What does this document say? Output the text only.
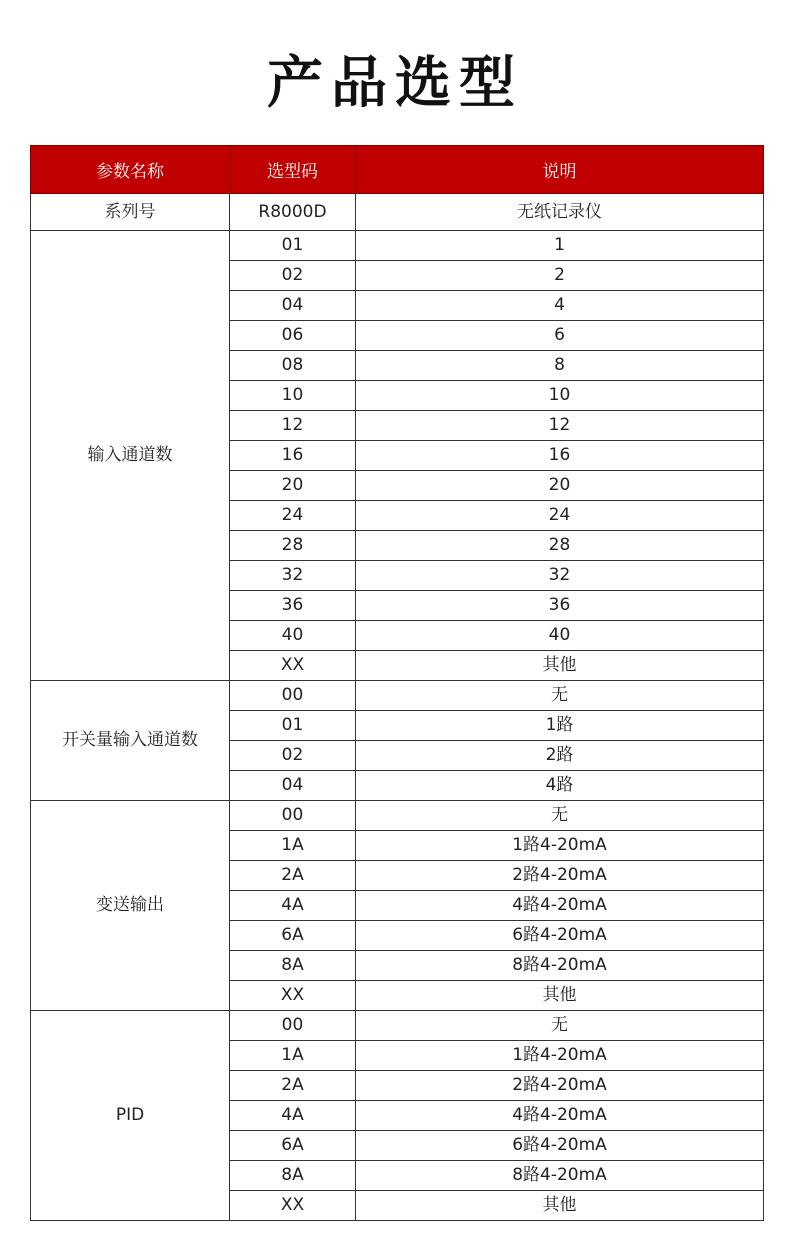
产品选型
参数名称	选型码	说明
系列号	R8000D	无纸记录仪
输入通道数	01	1
	02	2
	04	4
	06	6
	08	8
	10	10
	12	12
	16	16
	20	20
	24	24
	28	28
	32	32
	36	36
	40	40
	XX	其他
开关量输入通道数	00	无
	01	1路
	02	2路
	04	4路
变送输出	00	无
	1A	1路4-20mA
	2A	2路4-20mA
	4A	4路4-20mA
	6A	6路4-20mA
	8A	8路4-20mA
	XX	其他
PID	00	无
	1A	1路4-20mA
	2A	2路4-20mA
	4A	4路4-20mA
	6A	6路4-20mA
	8A	8路4-20mA
	XX	其他
